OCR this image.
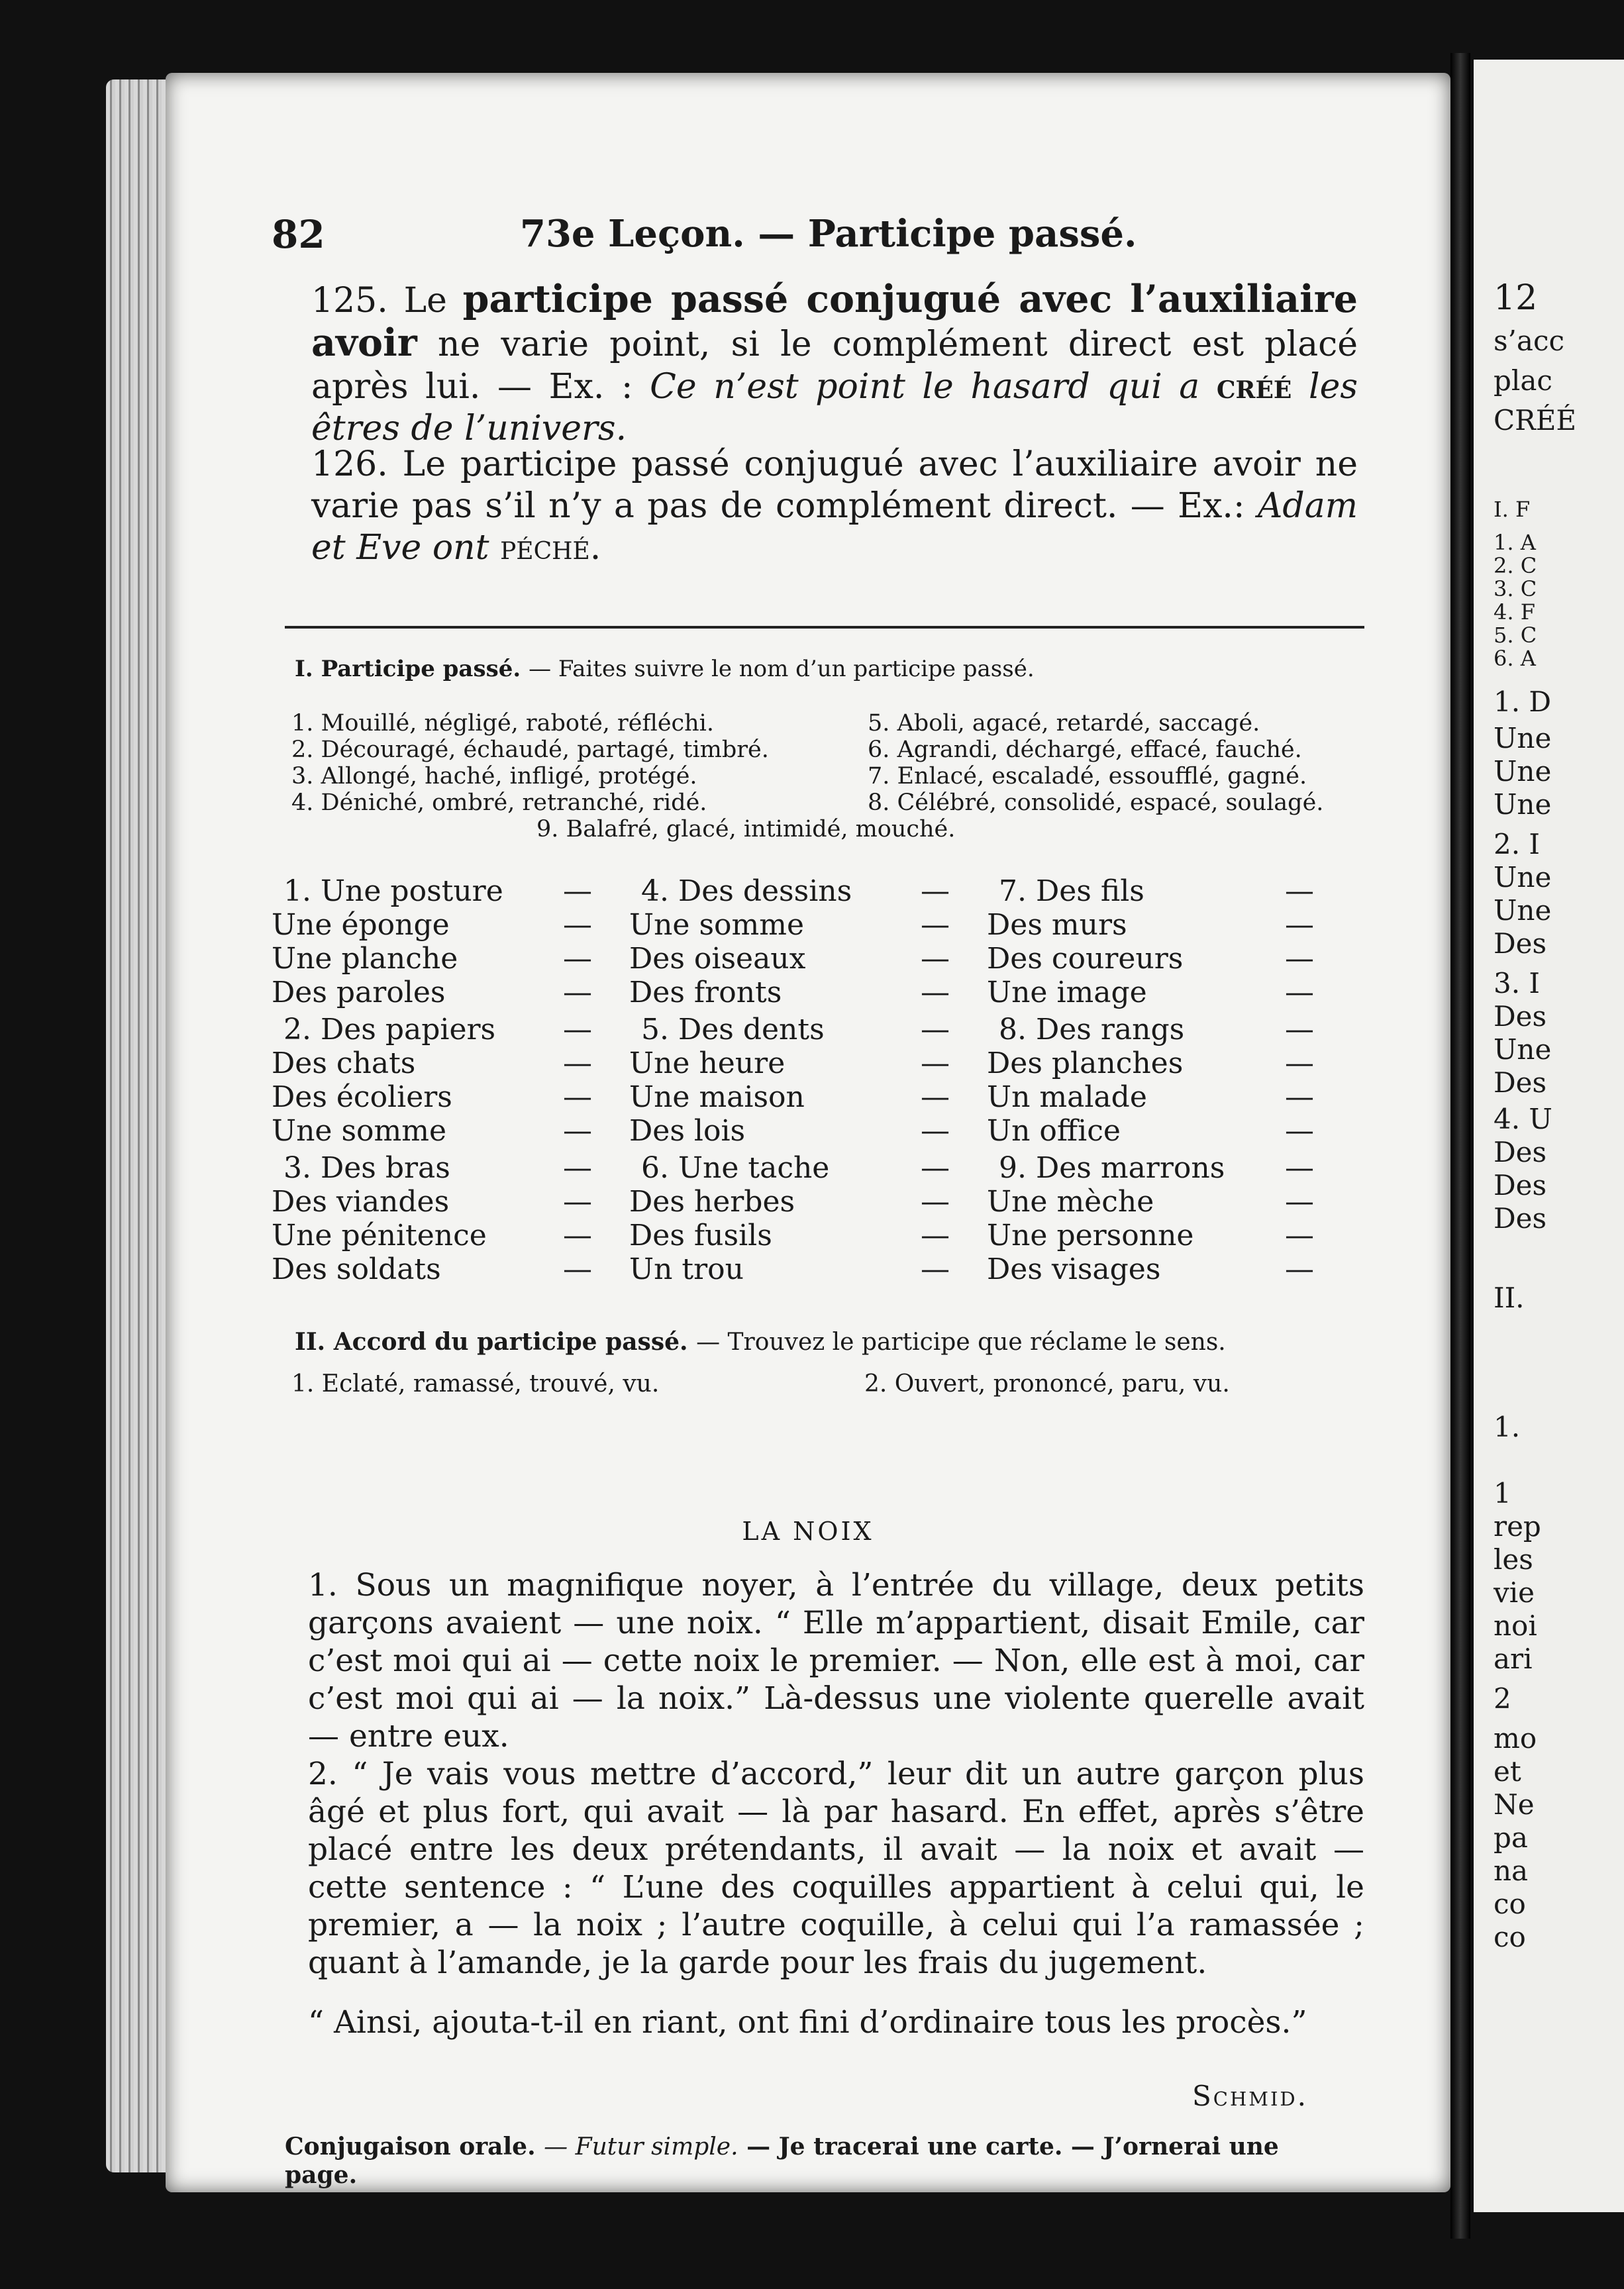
12
s’acc
plac
CRÉÉ
I. F
1. A
2. C
3. C
4. F
5. C
6. A
1. D
Une
Une
Une
2. I
Une
Une
Des
3. I
Des
Une
Des
4. U
Des
Des
Des
II.
1.
1
rep
les
vie
noi
ari
2
mo
et
Ne
pa
na
co
co
82	73e Leçon. — Participe passé.
125. Le participe passé conjugué avec l’auxiliaire avoir ne varie point, si le complément direct est placé après lui. — Ex. : Ce n’est point le hasard qui a créé les êtres de l’univers.
126. Le participe passé conjugué avec l’auxiliaire avoir ne varie pas s’il n’y a pas de complément direct. — Ex.: Adam et Eve ont péché.
I. Participe passé. — Faites suivre le nom d’un participe passé.
1. Mouillé, négligé, raboté, réfléchi.
2. Découragé, échaudé, partagé, timbré.
3. Allongé, haché, infligé, protégé.
4. Déniché, ombré, retranché, ridé.
5. Aboli, agacé, retardé, saccagé.
6. Agrandi, déchargé, effacé, fauché.
7. Enlacé, escaladé, essoufflé, gagné.
8. Célébré, consolidé, espacé, soulagé.
9. Balafré, glacé, intimidé, mouché.
1. Une posture
Une éponge
Une planche
Des paroles
2. Des papiers
Des chats
Des écoliers
Une somme
3. Des bras
Des viandes
Une pénitence
Des soldats
4. Des dessins
Une somme
Des oiseaux
Des fronts
5. Des dents
Une heure
Une maison
Des lois
6. Une tache
Des herbes
Des fusils
Un trou
7. Des fils
Des murs
Des coureurs
Une image
8. Des rangs
Des planches
Un malade
Un office
9. Des marrons
Une mèche
Une personne
Des visages
—
—
—
—
—
—
—
—
—
—
—
—
—
—
—
—
—
—
—
—
—
—
—
—
—
—
—
—
—
—
—
—
—
—
—
—
II. Accord du participe passé. — Trouvez le participe que réclame le sens.
1. Eclaté, ramassé, trouvé, vu.	2. Ouvert, prononcé, paru, vu.
LA NOIX
1. Sous un magnifique noyer, à l’entrée du village, deux petits garçons avaient — une noix. “ Elle m’appartient, disait Emile, car c’est moi qui ai — cette noix le premier. — Non, elle est à moi, car c’est moi qui ai — la noix.” Là-dessus une violente querelle avait — entre eux.
2. “ Je vais vous mettre d’accord,” leur dit un autre garçon plus âgé et plus fort, qui avait — là par hasard. En effet, après s’être placé entre les deux prétendants, il avait — la noix et avait — cette sentence : “ L’une des coquilles appartient à celui qui, le premier, a — la noix ; l’autre coquille, à celui qui l’a ramassée ; quant à l’amande, je la garde pour les frais du jugement.
“ Ainsi, ajouta-t-il en riant, ont fini d’ordinaire tous les procès.”
Schmid.
Conjugaison orale. — Futur simple. — Je tracerai une carte. — J’ornerai une page.
